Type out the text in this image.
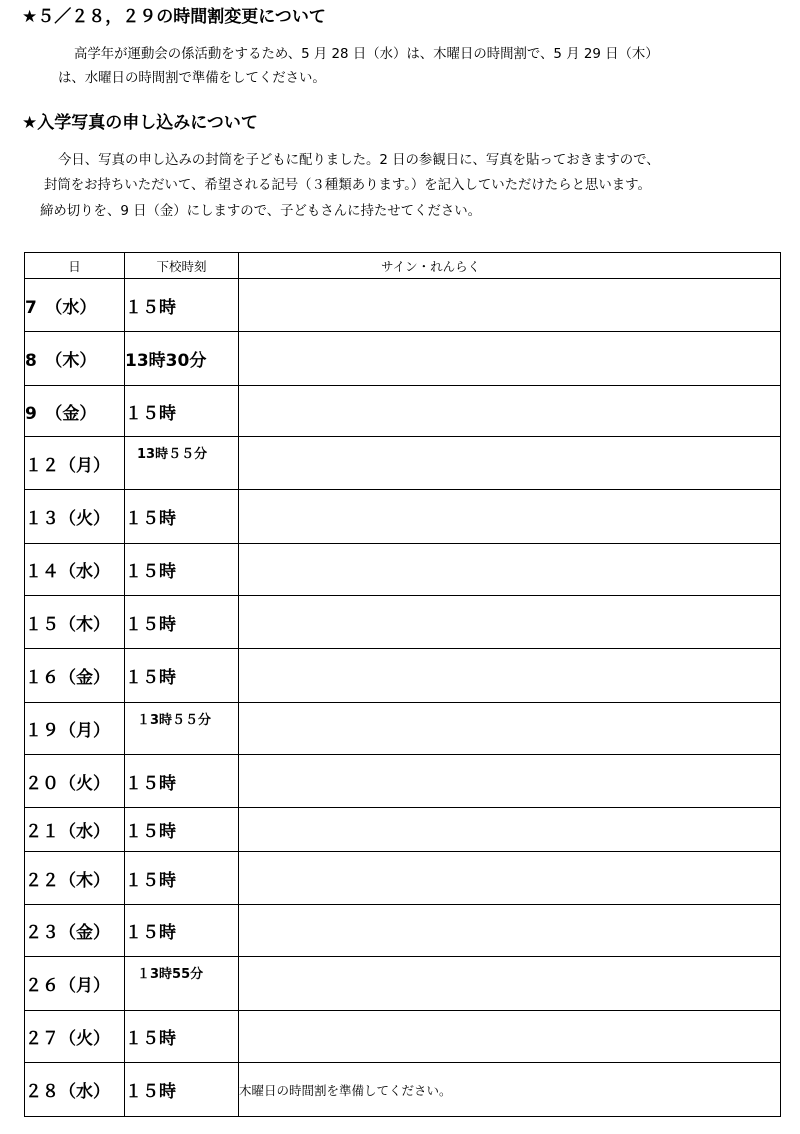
★５／２８，２９の時間割変更について
高学年が運動会の係活動をするため、5 月 28 日（水）は、木曜日の時間割で、5 月 29 日（木）
は、水曜日の時間割で準備をしてください。
★入学写真の申し込みについて
今日、写真の申し込みの封筒を子どもに配りました。2 日の参観日に、写真を貼っておきますので、
封筒をお持ちいただいて、希望される記号（３種類あります。）を記入していただけたらと思います。
締め切りを、9 日（金）にしますので、子どもさんに持たせてください。
日	下校時刻	サイン・れんらく
7　（水）	１５時	
8　（木）	13時30分	
9　（金）	１５時	
１２（月）	13時５５分	
１３（火）	１５時	
１４（水）	１５時	
１５（木）	１５時	
１６（金）	１５時	
１９（月）	１3時５５分	
２０（火）	１５時	
２１（水）	１５時	
２２（木）	１５時	
２３（金）	１５時	
２６（月）	１3時55分	
２７（火）	１５時	
２８（水）	１５時	木曜日の時間割を準備してください。
